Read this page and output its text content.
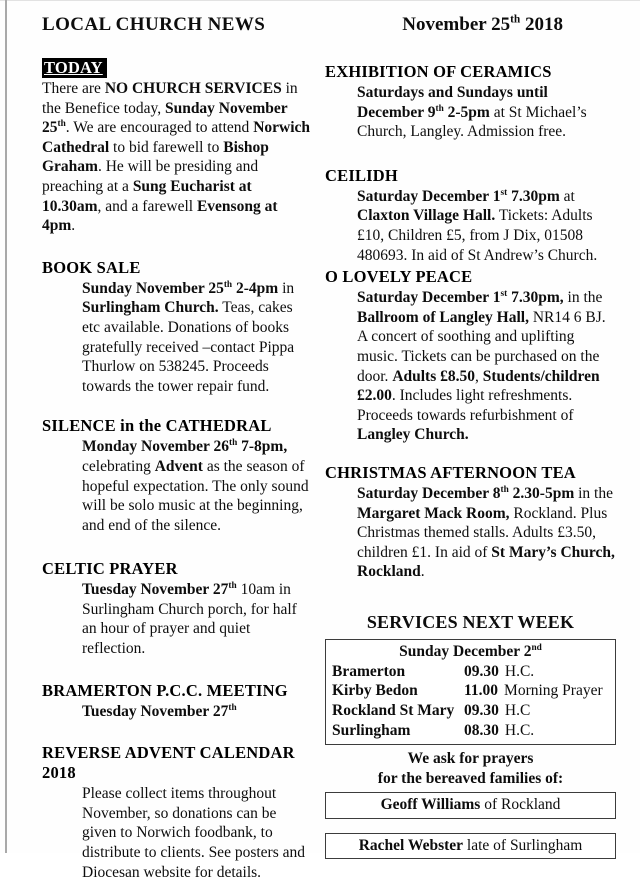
LOCAL CHURCH NEWS	November 25th 2018
TODAY

There are NO CHURCH SERVICES in the Benefice today, Sunday November 25th. We are encouraged to attend Norwich Cathedral to bid farewell to Bishop Graham. He will be presiding and preaching at a Sung Eucharist at 10.30am, and a farewell Evensong at 4pm.

BOOK SALE

Sunday November 25th 2-4pm in Surlingham Church. Teas, cakes etc available. Donations of books gratefully received –contact Pippa Thurlow on 538245. Proceeds towards the tower repair fund.

SILENCE in the CATHEDRAL

Monday November 26th 7-8pm, celebrating Advent as the season of hopeful expectation. The only sound will be solo music at the beginning, and end of the silence.

CELTIC PRAYER

Tuesday November 27th 10am in Surlingham Church porch, for half an hour of prayer and quiet reflection.

BRAMERTON P.C.C. MEETING

Tuesday November 27th

REVERSE ADVENT CALENDAR 2018

Please collect items throughout November, so donations can be given to Norwich foodbank, to distribute to clients. See posters and Diocesan website for details.

EXHIBITION OF CERAMICS

Saturdays and Sundays until December 9th 2-5pm at St Michael’s Church, Langley. Admission free.

CEILIDH

Saturday December 1st 7.30pm at Claxton Village Hall. Tickets: Adults £10, Children £5, from J Dix, 01508 480693. In aid of St Andrew’s Church.

O LOVELY PEACE

Saturday December 1st 7.30pm, in the Ballroom of Langley Hall, NR14 6 BJ. A concert of soothing and uplifting music. Tickets can be purchased on the door. Adults £8.50, Students/children £2.00. Includes light refreshments. Proceeds towards refurbishment of Langley Church.

CHRISTMAS AFTERNOON TEA

Saturday December 8th 2.30-5pm in the Margaret Mack Room, Rockland. Plus Christmas themed stalls. Adults £3.50, children £1. In aid of St Mary’s Church, Rockland.

SERVICES NEXT WEEK
Sunday December 2nd
Bramerton	09.30 H.C.
Kirby Bedon	11.00 Morning Prayer
Rockland St Mary 09.30 H.C
Surlingham	08.30 H.C.
We ask for prayers
for the bereaved families of:
Geoff Williams of Rockland
Rachel Webster late of Surlingham
